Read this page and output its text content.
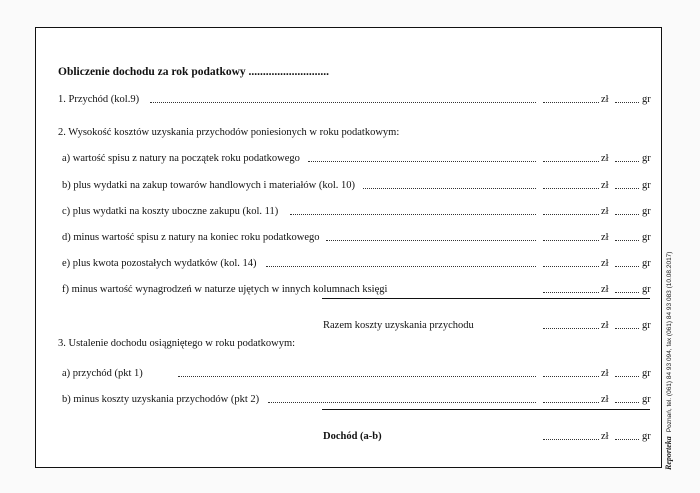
Obliczenie dochodu za rok podatkowy ............................
1. Przychód (kol.9)	zł	gr
2. Wysokość kosztów uzyskania przychodów poniesionych w roku podatkowym:
a) wartość spisu z natury na początek roku podatkowego	zł	gr
b) plus wydatki na zakup towarów handlowych i materiałów (kol. 10)	zł	gr
c) plus wydatki na koszty uboczne zakupu (kol. 11)	zł	gr
d) minus wartość spisu z natury na koniec roku podatkowego	zł	gr
e) plus kwota pozostałych wydatków (kol. 14)	zł	gr
f) minus wartość wynagrodzeń w naturze ujętych w innych kolumnach księgi	zł	gr
Razem koszty uzyskania przychodu	zł	gr
3. Ustalenie dochodu osiągniętego w roku podatkowym:
a) przychód (pkt 1)	zł	gr
b) minus koszty uzyskania przychodów (pkt 2)	zł	gr
Dochód (a-b)	zł	gr ReportekaPoznań, tel. (061) 84 93 094, fax (061) 84 93 083 (10.08.2017)
